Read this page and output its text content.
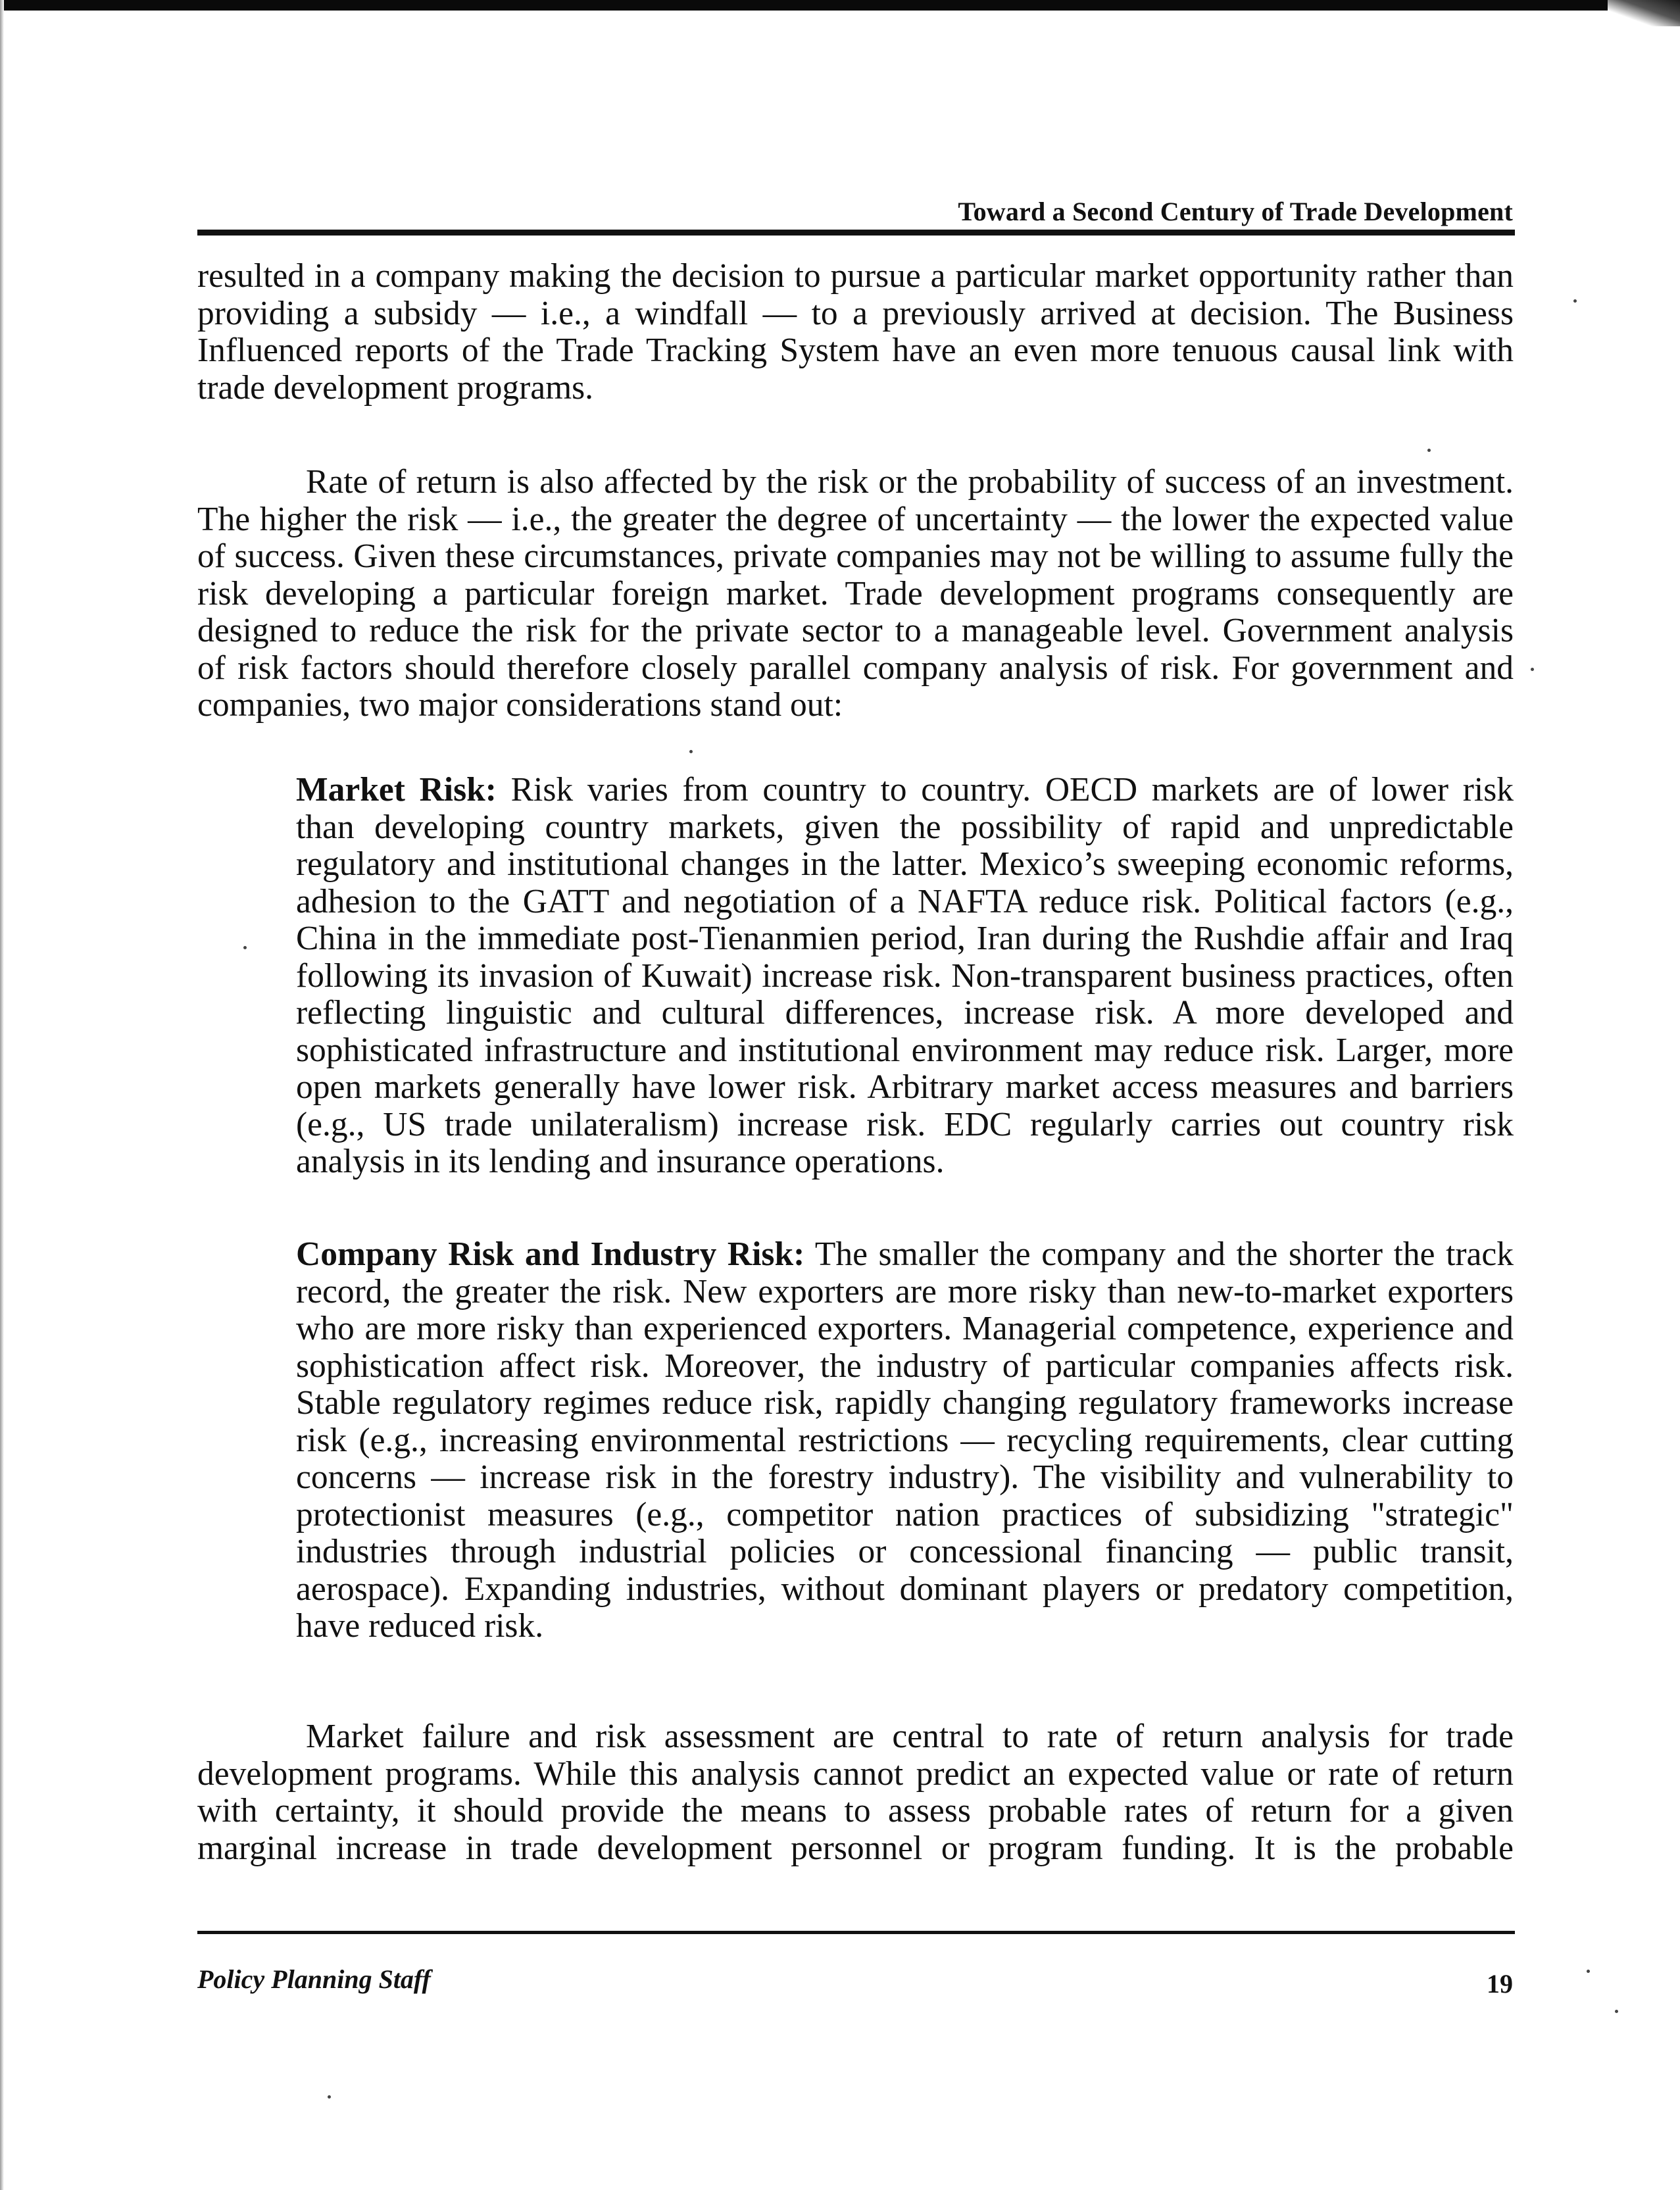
Toward a Second Century of Trade Development
resulted in a company making the decision to pursue a particular market opportunity rather than
providing a subsidy — i.e., a windfall — to a previously arrived at decision. The Business
Influenced reports of the Trade Tracking System have an even more tenuous causal link with
trade development programs.
Rate of return is also affected by the risk or the probability of success of an investment.
The higher the risk — i.e., the greater the degree of uncertainty — the lower the expected value
of success. Given these circumstances, private companies may not be willing to assume fully the
risk developing a particular foreign market. Trade development programs consequently are
designed to reduce the risk for the private sector to a manageable level. Government analysis
of risk factors should therefore closely parallel company analysis of risk. For government and
companies, two major considerations stand out:
Market Risk: Risk varies from country to country. OECD markets are of lower risk
than developing country markets, given the possibility of rapid and unpredictable
regulatory and institutional changes in the latter. Mexico’s sweeping economic reforms,
adhesion to the GATT and negotiation of a NAFTA reduce risk. Political factors (e.g.,
China in the immediate post-Tienanmien period, Iran during the Rushdie affair and Iraq
following its invasion of Kuwait) increase risk. Non-transparent business practices, often
reflecting linguistic and cultural differences, increase risk. A more developed and
sophisticated infrastructure and institutional environment may reduce risk. Larger, more
open markets generally have lower risk. Arbitrary market access measures and barriers
(e.g., US trade unilateralism) increase risk. EDC regularly carries out country risk
analysis in its lending and insurance operations.
Company Risk and Industry Risk: The smaller the company and the shorter the track
record, the greater the risk. New exporters are more risky than new-to-market exporters
who are more risky than experienced exporters. Managerial competence, experience and
sophistication affect risk. Moreover, the industry of particular companies affects risk.
Stable regulatory regimes reduce risk, rapidly changing regulatory frameworks increase
risk (e.g., increasing environmental restrictions — recycling requirements, clear cutting
concerns — increase risk in the forestry industry). The visibility and vulnerability to
protectionist measures (e.g., competitor nation practices of subsidizing "strategic"
industries through industrial policies or concessional financing — public transit,
aerospace). Expanding industries, without dominant players or predatory competition,
have reduced risk.
Market failure and risk assessment are central to rate of return analysis for trade
development programs. While this analysis cannot predict an expected value or rate of return
with certainty, it should provide the means to assess probable rates of return for a given
marginal increase in trade development personnel or program funding. It is the probable
Policy Planning Staff	19
